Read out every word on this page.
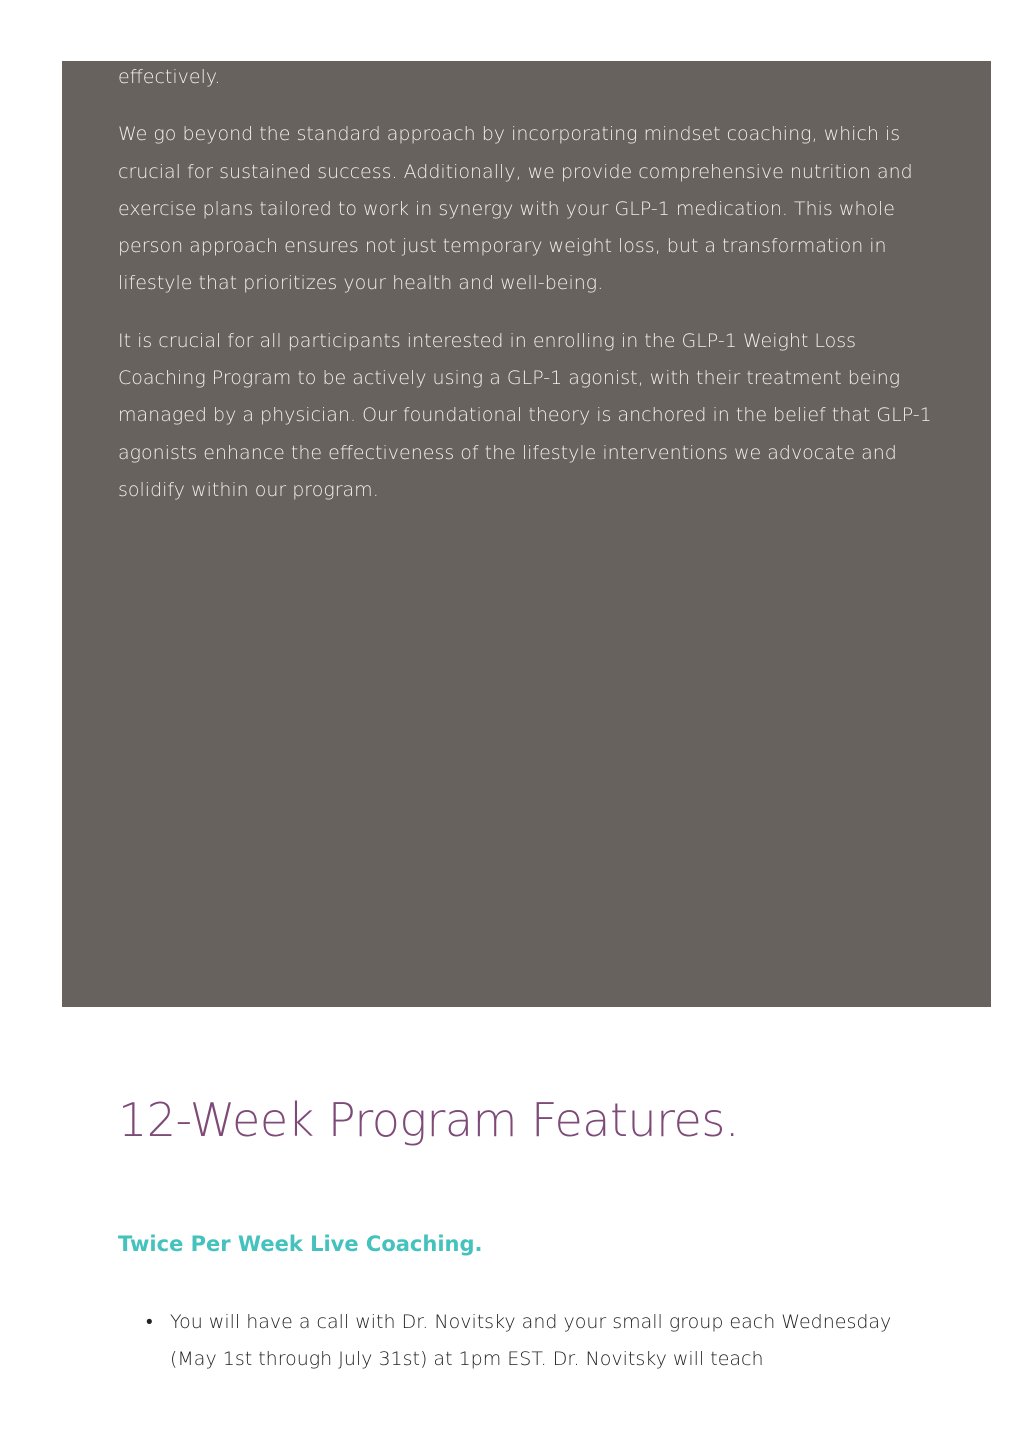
effectively.

We go beyond the standard approach by incorporating mindset coaching, which is crucial for sustained success. Additionally, we provide comprehensive nutrition and exercise plans tailored to work in synergy with your GLP-1 medication. This whole person approach ensures not just temporary weight loss, but a transformation in lifestyle that prioritizes your health and well-being.

It is crucial for all participants interested in enrolling in the GLP-1 Weight Loss Coaching Program to be actively using a GLP-1 agonist, with their treatment being managed by a physician. Our foundational theory is anchored in the belief that GLP-1 agonists enhance the effectiveness of the lifestyle interventions we advocate and solidify within our program.

12-Week Program Features.
Twice Per Week Live Coaching.
• You will have a call with Dr. Novitsky and your small group each Wednesday (May 1st through July 31st) at 1pm EST. Dr. Novitsky will teach
